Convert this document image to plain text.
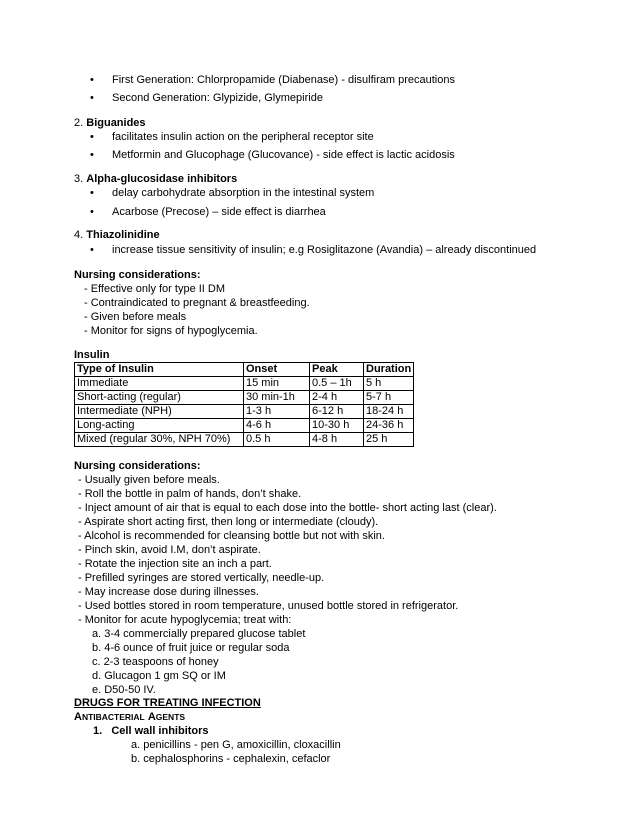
First Generation: Chlorpropamide (Diabenase) - disulfiram precautions
Second Generation: Glypizide, Glymepiride
2. Biguanides
facilitates insulin action on the peripheral receptor site
Metformin and Glucophage (Glucovance) - side effect is lactic acidosis
3. Alpha-glucosidase inhibitors
delay carbohydrate absorption in the intestinal system
Acarbose (Precose) – side effect is diarrhea
4. Thiazolinidine
increase tissue sensitivity of insulin; e.g Rosiglitazone (Avandia) – already discontinued
Nursing considerations:
- Effective only for type II DM
- Contraindicated to pregnant & breastfeeding.
- Given before meals
- Monitor for signs of hypoglycemia.
Insulin
Type of Insulin	Onset	Peak	Duration
Immediate	15 min	0.5 – 1h	5 h
Short-acting (regular)	30 min-1h	2-4 h	5-7 h
Intermediate (NPH)	1-3 h	6-12 h	18-24 h
Long-acting	4-6 h	10-30 h	24-36 h
Mixed (regular 30%, NPH 70%)	0.5 h	4-8 h	25 h
Nursing considerations:
- Usually given before meals.
- Roll the bottle in palm of hands, don’t shake.
- Inject amount of air that is equal to each dose into the bottle- short acting last (clear).
- Aspirate short acting first, then long or intermediate (cloudy).
- Alcohol is recommended for cleansing bottle but not with skin.
- Pinch skin, avoid I.M, don’t aspirate.
- Rotate the injection site an inch a part.
- Prefilled syringes are stored vertically, needle-up.
- May increase dose during illnesses.
- Used bottles stored in room temperature, unused bottle stored in refrigerator.
- Monitor for acute hypoglycemia; treat with:
a. 3-4 commercially prepared glucose tablet
b. 4-6 ounce of fruit juice or regular soda
c. 2-3 teaspoons of honey
d. Glucagon 1 gm SQ or IM
e. D50-50 IV.
DRUGS FOR TREATING INFECTION
ANTIBACTERIAL AGENTS
1. Cell wall inhibitors
a. penicillins - pen G, amoxicillin, cloxacillin
b. cephalosphorins - cephalexin, cefaclor
